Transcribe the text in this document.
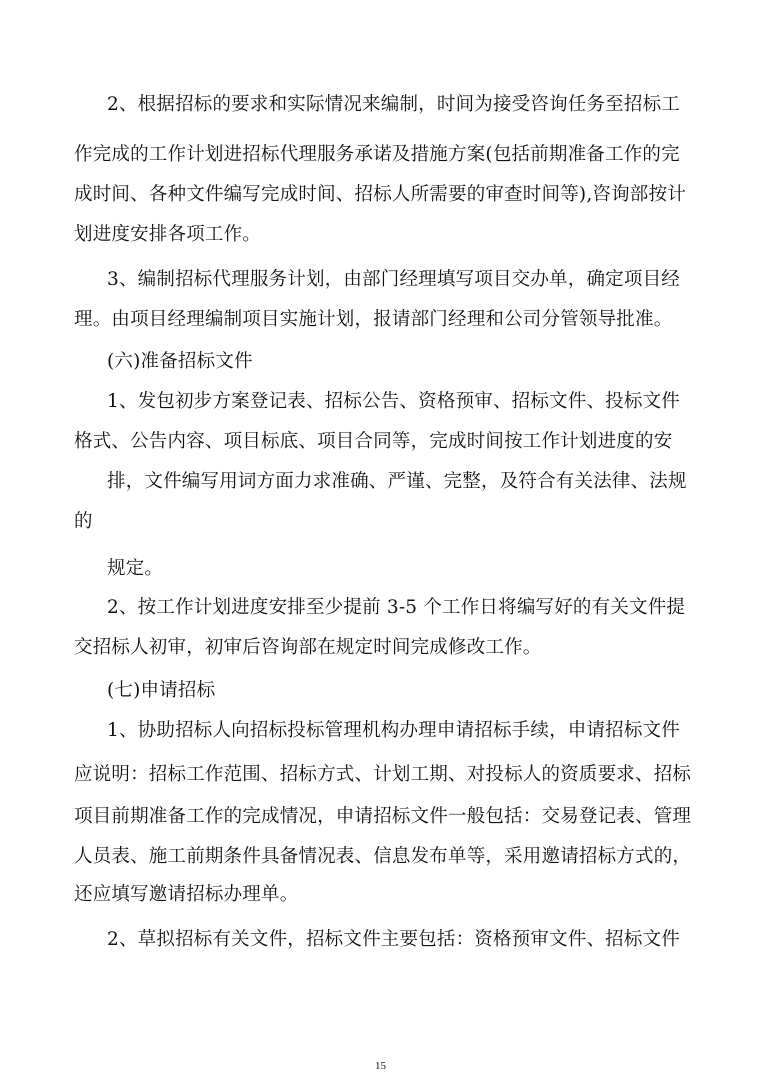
2、根据招标的要求和实际情况来编制，时间为接受咨询任务至招标工
作完成的工作计划进招标代理服务承诺及措施方案(包括前期准备工作的完
成时间、各种文件编写完成时间、招标人所需要的审查时间等),咨询部按计
划进度安排各项工作。
3、编制招标代理服务计划，由部门经理填写项目交办单，确定项目经
理。由项目经理编制项目实施计划，报请部门经理和公司分管领导批准。
(六)准备招标文件
1、发包初步方案登记表、招标公告、资格预审、招标文件、投标文件
格式、公告内容、项目标底、项目合同等，完成时间按工作计划进度的安
排，文件编写用词方面力求准确、严谨、完整，及符合有关法律、法规
的
规定。
2、按工作计划进度安排至少提前 3-5 个工作日将编写好的有关文件提
交招标人初审，初审后咨询部在规定时间完成修改工作。
(七)申请招标
1、协助招标人向招标投标管理机构办理申请招标手续，申请招标文件
应说明：招标工作范围、招标方式、计划工期、对投标人的资质要求、招标
项目前期准备工作的完成情况，申请招标文件一般包括：交易登记表、管理
人员表、施工前期条件具备情况表、信息发布单等，采用邀请招标方式的，
还应填写邀请招标办理单。
2、草拟招标有关文件，招标文件主要包括：资格预审文件、招标文件
15
